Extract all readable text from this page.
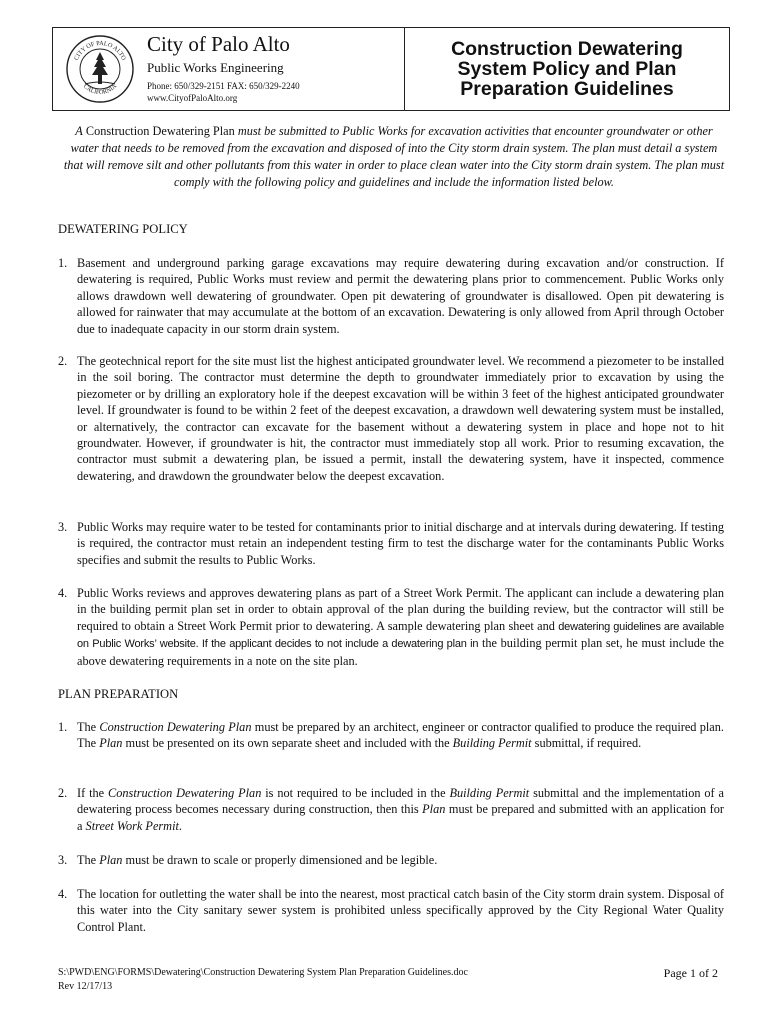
CITY OF PALO ALTO
CALIFORNIA
City of Palo Alto
Public Works Engineering
Phone: 650/329-2151 FAX: 650/329-2240
www.CityofPaloAlto.org
Construction Dewatering
System Policy and Plan
Preparation Guidelines
A Construction Dewatering Plan must be submitted to Public Works for excavation activities that encounter groundwater or other water that needs to be removed from the excavation and disposed of into the City storm drain system. The plan must detail a system that will remove silt and other pollutants from this water in order to place clean water into the City storm drain system. The plan must comply with the following policy and guidelines and include the information listed below.
DEWATERING POLICY
1. Basement and underground parking garage excavations may require dewatering during excavation and/or construction. If dewatering is required, Public Works must review and permit the dewatering plans prior to commencement. Public Works only allows drawdown well dewatering of groundwater. Open pit dewatering of groundwater is disallowed. Open pit dewatering is allowed for rainwater that may accumulate at the bottom of an excavation. Dewatering is only allowed from April through October due to inadequate capacity in our storm drain system.
2. The geotechnical report for the site must list the highest anticipated groundwater level. We recommend a piezometer to be installed in the soil boring. The contractor must determine the depth to groundwater immediately prior to excavation by using the piezometer or by drilling an exploratory hole if the deepest excavation will be within 3 feet of the highest anticipated groundwater level. If groundwater is found to be within 2 feet of the deepest excavation, a drawdown well dewatering system must be installed, or alternatively, the contractor can excavate for the basement without a dewatering system in place and hope not to hit groundwater. However, if groundwater is hit, the contractor must immediately stop all work. Prior to resuming excavation, the contractor must submit a dewatering plan, be issued a permit, install the dewatering system, have it inspected, commence dewatering, and drawdown the groundwater below the deepest excavation.
3. Public Works may require water to be tested for contaminants prior to initial discharge and at intervals during dewatering. If testing is required, the contractor must retain an independent testing firm to test the discharge water for the contaminants Public Works specifies and submit the results to Public Works.
4. Public Works reviews and approves dewatering plans as part of a Street Work Permit. The applicant can include a dewatering plan in the building permit plan set in order to obtain approval of the plan during the building review, but the contractor will still be required to obtain a Street Work Permit prior to dewatering. A sample dewatering plan sheet and dewatering guidelines are available on Public Works’ website. If the applicant decides to not include a dewatering plan in the building permit plan set, he must include the above dewatering requirements in a note on the site plan.
PLAN PREPARATION
1. The Construction Dewatering Plan must be prepared by an architect, engineer or contractor qualified to produce the required plan. The Plan must be presented on its own separate sheet and included with the Building Permit submittal, if required.
2. If the Construction Dewatering Plan is not required to be included in the Building Permit submittal and the implementation of a dewatering process becomes necessary during construction, then this Plan must be prepared and submitted with an application for a Street Work Permit.
3. The Plan must be drawn to scale or properly dimensioned and be legible.
4. The location for outletting the water shall be into the nearest, most practical catch basin of the City storm drain system. Disposal of this water into the City sanitary sewer system is prohibited unless specifically approved by the City Regional Water Quality Control Plant.
S:\PWD\ENG\FORMS\Dewatering\Construction Dewatering System Plan Preparation Guidelines.doc
Rev 12/17/13
Page 1 of 2
